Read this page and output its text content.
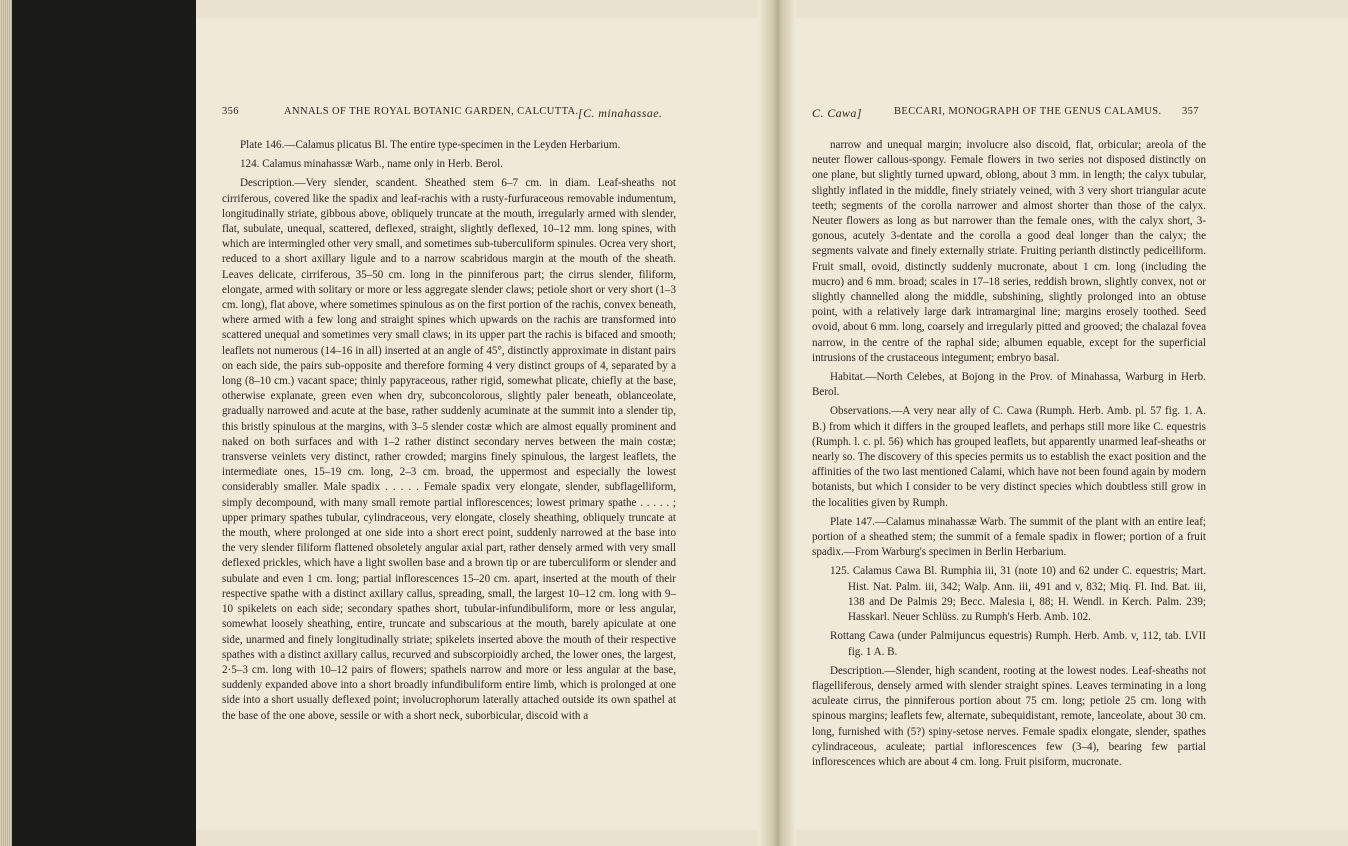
356	ANNALS OF THE ROYAL BOTANIC GARDEN, CALCUTTA. [C. minahassae.

Plate 146.—Calamus plicatus Bl. The entire type-specimen in the Leyden Herbarium.

124. Calamus minahassæ Warb., name only in Herb. Berol.

Description.—Very slender, scandent. Sheathed stem 6–7 cm. in diam. Leaf-sheaths not cirriferous, covered like the spadix and leaf-rachis with a rusty-furfuraceous removable indumentum, longitudinally striate, gibbous above, obliquely truncate at the mouth, irregularly armed with slender, flat, subulate, unequal, scattered, deflexed, straight, slightly deflexed, 10–12 mm. long spines, with which are intermingled other very small, and sometimes sub-tuberculiform spinules. Ocrea very short, reduced to a short axillary ligule and to a narrow scabridous margin at the mouth of the sheath. Leaves delicate, cirriferous, 35–50 cm. long in the pinniferous part; the cirrus slender, filiform, elongate, armed with solitary or more or less aggregate slender claws; petiole short or very short (1–3 cm. long), flat above, where sometimes spinulous as on the first portion of the rachis, convex beneath, where armed with a few long and straight spines which upwards on the rachis are transformed into scattered unequal and sometimes very small claws; in its upper part the rachis is bifaced and smooth; leaflets not numerous (14–16 in all) inserted at an angle of 45°, distinctly approximate in distant pairs on each side, the pairs sub-opposite and therefore forming 4 very distinct groups of 4, separated by a long (8–10 cm.) vacant space; thinly papyraceous, rather rigid, somewhat plicate, chiefly at the base, otherwise explanate, green even when dry, subconcolorous, slightly paler beneath, oblanceolate, gradually narrowed and acute at the base, rather suddenly acuminate at the summit into a slender tip, this bristly spinulous at the margins, with 3–5 slender costæ which are almost equally prominent and naked on both surfaces and with 1–2 rather distinct secondary nerves between the main costæ; transverse veinlets very distinct, rather crowded; margins finely spinulous, the largest leaflets, the intermediate ones, 15–19 cm. long, 2–3 cm. broad, the uppermost and especially the lowest considerably smaller. Male spadix . . . . . Female spadix very elongate, slender, subflagelliform, simply decompound, with many small remote partial inflorescences; lowest primary spathe . . . . . ; upper primary spathes tubular, cylindraceous, very elongate, closely sheathing, obliquely truncate at the mouth, where prolonged at one side into a short erect point, suddenly narrowed at the base into the very slender filiform flattened obsoletely angular axial part, rather densely armed with very small deflexed prickles, which have a light swollen base and a brown tip or are tuberculiform or slender and subulate and even 1 cm. long; partial inflorescences 15–20 cm. apart, inserted at the mouth of their respective spathe with a distinct axillary callus, spreading, small, the largest 10–12 cm. long with 9–10 spikelets on each side; secondary spathes short, tubular-infundibuliform, more or less angular, somewhat loosely sheathing, entire, truncate and subscarious at the mouth, barely apiculate at one side, unarmed and finely longitudinally striate; spikelets inserted above the mouth of their respective spathes with a distinct axillary callus, recurved and subscorpioidly arched, the lower ones, the largest, 2·5–3 cm. long with 10–12 pairs of flowers; spathels narrow and more or less angular at the base, suddenly expanded above into a short broadly infundibuliform entire limb, which is prolonged at one side into a short usually deflexed point; involucrophorum laterally attached outside its own spathel at the base of the one above, sessile or with a short neck, suborbicular, discoid with a

C. Cawa]	BECCARI, MONOGRAPH OF THE GENUS CALAMUS. 357

narrow and unequal margin; involucre also discoid, flat, orbicular; areola of the neuter flower callous-spongy. Female flowers in two series not disposed distinctly on one plane, but slightly turned upward, oblong, about 3 mm. in length; the calyx tubular, slightly inflated in the middle, finely striately veined, with 3 very short triangular acute teeth; segments of the corolla narrower and almost shorter than those of the calyx. Neuter flowers as long as but narrower than the female ones, with the calyx short, 3-gonous, acutely 3-dentate and the corolla a good deal longer than the calyx; the segments valvate and finely externally striate. Fruiting perianth distinctly pedicelliform. Fruit small, ovoid, distinctly suddenly mucronate, about 1 cm. long (including the mucro) and 6 mm. broad; scales in 17–18 series, reddish brown, slightly convex, not or slightly channelled along the middle, subshining, slightly prolonged into an obtuse point, with a relatively large dark intramarginal line; margins erosely toothed. Seed ovoid, about 6 mm. long, coarsely and irregularly pitted and grooved; the chalazal fovea narrow, in the centre of the raphal side; albumen equable, except for the superficial intrusions of the crustaceous integument; embryo basal.

Habitat.—North Celebes, at Bojong in the Prov. of Minahassa, Warburg in Herb. Berol.

Observations.—A very near ally of C. Cawa (Rumph. Herb. Amb. pl. 57 fig. 1. A. B.) from which it differs in the grouped leaflets, and perhaps still more like C. equestris (Rumph. l. c. pl. 56) which has grouped leaflets, but apparently unarmed leaf-sheaths or nearly so. The discovery of this species permits us to establish the exact position and the affinities of the two last mentioned Calami, which have not been found again by modern botanists, but which I consider to be very distinct species which doubtless still grow in the localities given by Rumph.

Plate 147.—Calamus minahassæ Warb. The summit of the plant with an entire leaf; portion of a sheathed stem; the summit of a female spadix in flower; portion of a fruit spadix.—From Warburg's specimen in Berlin Herbarium.

125. Calamus Cawa Bl. Rumphia iii, 31 (note 10) and 62 under C. equestris; Mart. Hist. Nat. Palm. iii, 342; Walp. Ann. iii, 491 and v, 832; Miq. Fl. Ind. Bat. iii, 138 and De Palmis 29; Becc. Malesia i, 88; H. Wendl. in Kerch. Palm. 239; Hasskarl. Neuer Schlüss. zu Rumph's Herb. Amb. 102.

Rottang Cawa (under Palmijuncus equestris) Rumph. Herb. Amb. v, 112, tab. LVII fig. 1 A. B.

Description.—Slender, high scandent, rooting at the lowest nodes. Leaf-sheaths not flagelliferous, densely armed with slender straight spines. Leaves terminating in a long aculeate cirrus, the pinniferous portion about 75 cm. long; petiole 25 cm. long with spinous margins; leaflets few, alternate, subequidistant, remote, lanceolate, about 30 cm. long, furnished with (5?) spiny-setose nerves. Female spadix elongate, slender, spathes cylindraceous, aculeate; partial inflorescences few (3–4), bearing few partial inflorescences which are about 4 cm. long. Fruit pisiform, mucronate.
